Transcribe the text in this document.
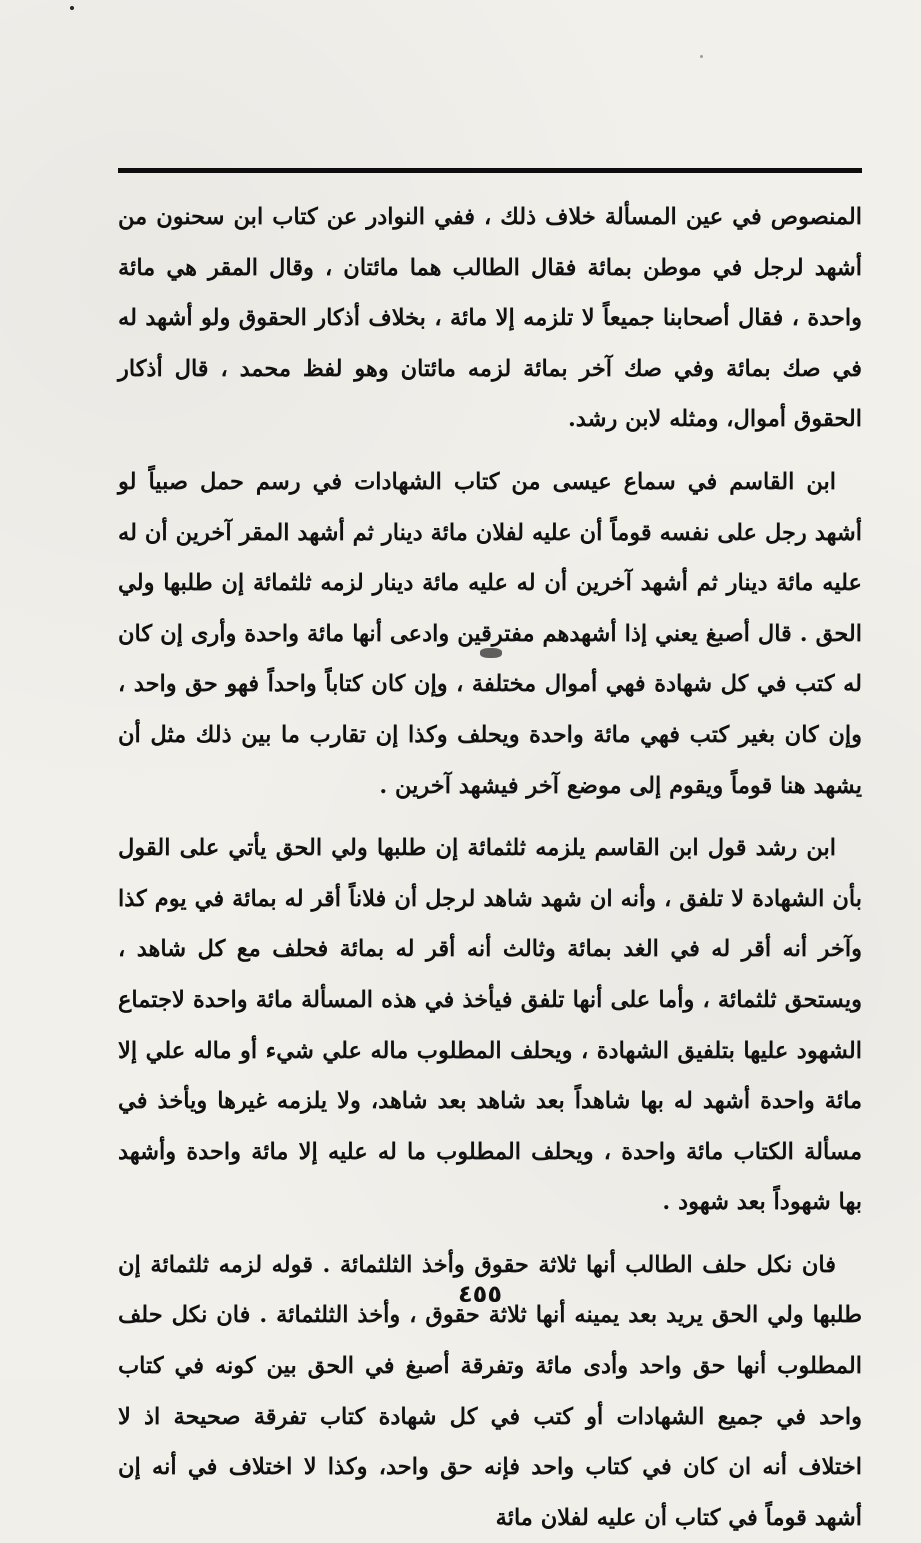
المنصوص في عين المسألة خلاف ذلك ، ففي النوادر عن كتاب ابن سحنون من أشهد لرجل في موطن بمائة فقال الطالب هما مائتان ، وقال المقر هي مائة واحدة ، فقال أصحابنا جميعاً لا تلزمه إلا مائة ، بخلاف أذكار الحقوق ولو أشهد له في صك بمائة وفي صك آخر بمائة لزمه مائتان وهو لفظ محمد ، قال أذكار الحقوق أموال، ومثله لابن رشد.

ابن القاسم في سماع عيسى من كتاب الشهادات في رسم حمل صبياً لو أشهد رجل على نفسه قوماً أن عليه لفلان مائة دينار ثم أشهد المقر آخرين أن له عليه مائة دينار ثم أشهد آخرين أن له عليه مائة دينار لزمه ثلثمائة إن طلبها ولي الحق . قال أصبغ يعني إذا أشهدهم مفترقين وادعى أنها مائة واحدة وأرى إن كان له كتب في كل شهادة فهي أموال مختلفة ، وإن كان كتاباً واحداً فهو حق واحد ، وإن كان بغير كتب فهي مائة واحدة ويحلف وكذا إن تقارب ما بين ذلك مثل أن يشهد هنا قوماً ويقوم إلى موضع آخر فيشهد آخرين .

ابن رشد قول ابن القاسم يلزمه ثلثمائة إن طلبها ولي الحق يأتي على القول بأن الشهادة لا تلفق ، وأنه ان شهد شاهد لرجل أن فلاناً أقر له بمائة في يوم كذا وآخر أنه أقر له في الغد بمائة وثالث أنه أقر له بمائة فحلف مع كل شاهد ، ويستحق ثلثمائة ، وأما على أنها تلفق فيأخذ في هذه المسألة مائة واحدة لاجتماع الشهود عليها بتلفيق الشهادة ، ويحلف المطلوب ماله علي شيء أو ماله علي إلا مائة واحدة أشهد له بها شاهداً بعد شاهد بعد شاهد، ولا يلزمه غيرها ويأخذ في مسألة الكتاب مائة واحدة ، ويحلف المطلوب ما له عليه إلا مائة واحدة وأشهد بها شهوداً بعد شهود .

فان نكل حلف الطالب أنها ثلاثة حقوق وأخذ الثلثمائة . قوله لزمه ثلثمائة إن طلبها ولي الحق يريد بعد يمينه أنها ثلاثة حقوق ، وأخذ الثلثمائة . فان نكل حلف المطلوب أنها حق واحد وأدى مائة وتفرقة أصبغ في الحق بين كونه في كتاب واحد في جميع الشهادات أو كتب في كل شهادة كتاب تفرقة صحيحة اذ لا اختلاف أنه ان كان في كتاب واحد فإنه حق واحد، وكذا لا اختلاف في أنه إن أشهد قوماً في كتاب أن عليه لفلان مائة

٤٥٥
